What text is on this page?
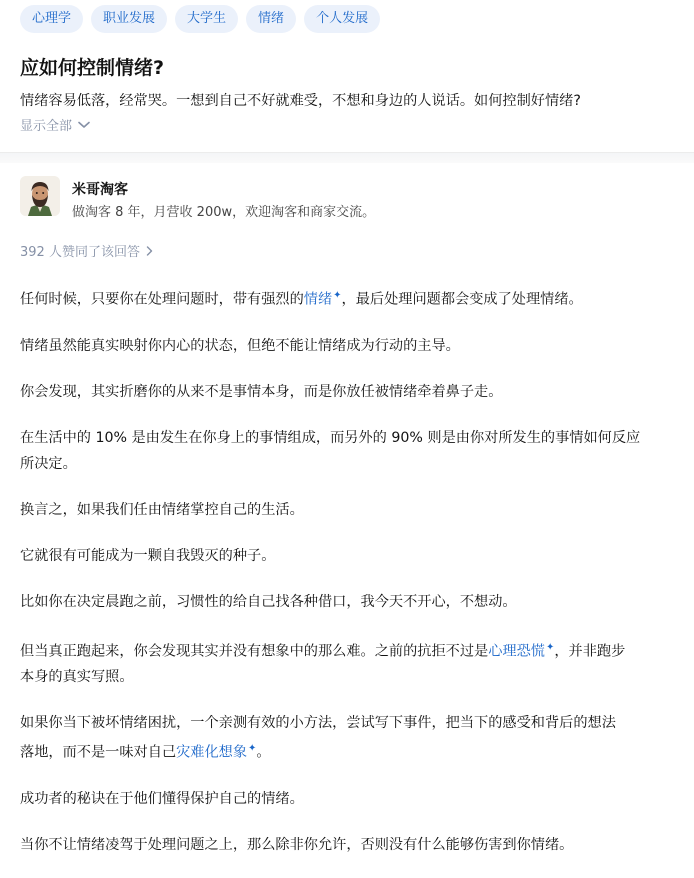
心理学	职业发展	大学生	情绪	个人发展
应如何控制情绪?
情绪容易低落，经常哭。一想到自己不好就难受，不想和身边的人说话。如何控制好情绪?
显示全部
米哥淘客
做淘客 8 年，月营收 200w，欢迎淘客和商家交流。
392 人赞同了该回答

任何时候，只要你在处理问题时，带有强烈的情绪✦，最后处理问题都会变成了处理情绪。

情绪虽然能真实映射你内心的状态，但绝不能让情绪成为行动的主导。

你会发现，其实折磨你的从来不是事情本身，而是你放任被情绪牵着鼻子走。

在生活中的 10% 是由发生在你身上的事情组成，而另外的 90% 则是由你对所发生的事情如何反应
所决定。

换言之，如果我们任由情绪掌控自己的生活。

它就很有可能成为一颗自我毁灭的种子。

比如你在决定晨跑之前，习惯性的给自己找各种借口，我今天不开心，不想动。

但当真正跑起来，你会发现其实并没有想象中的那么难。之前的抗拒不过是心理恐慌✦，并非跑步
本身的真实写照。

如果你当下被坏情绪困扰，一个亲测有效的小方法，尝试写下事件，把当下的感受和背后的想法
落地，而不是一味对自己灾难化想象✦。

成功者的秘诀在于他们懂得保护自己的情绪。

当你不让情绪凌驾于处理问题之上，那么除非你允许，否则没有什么能够伤害到你情绪。
